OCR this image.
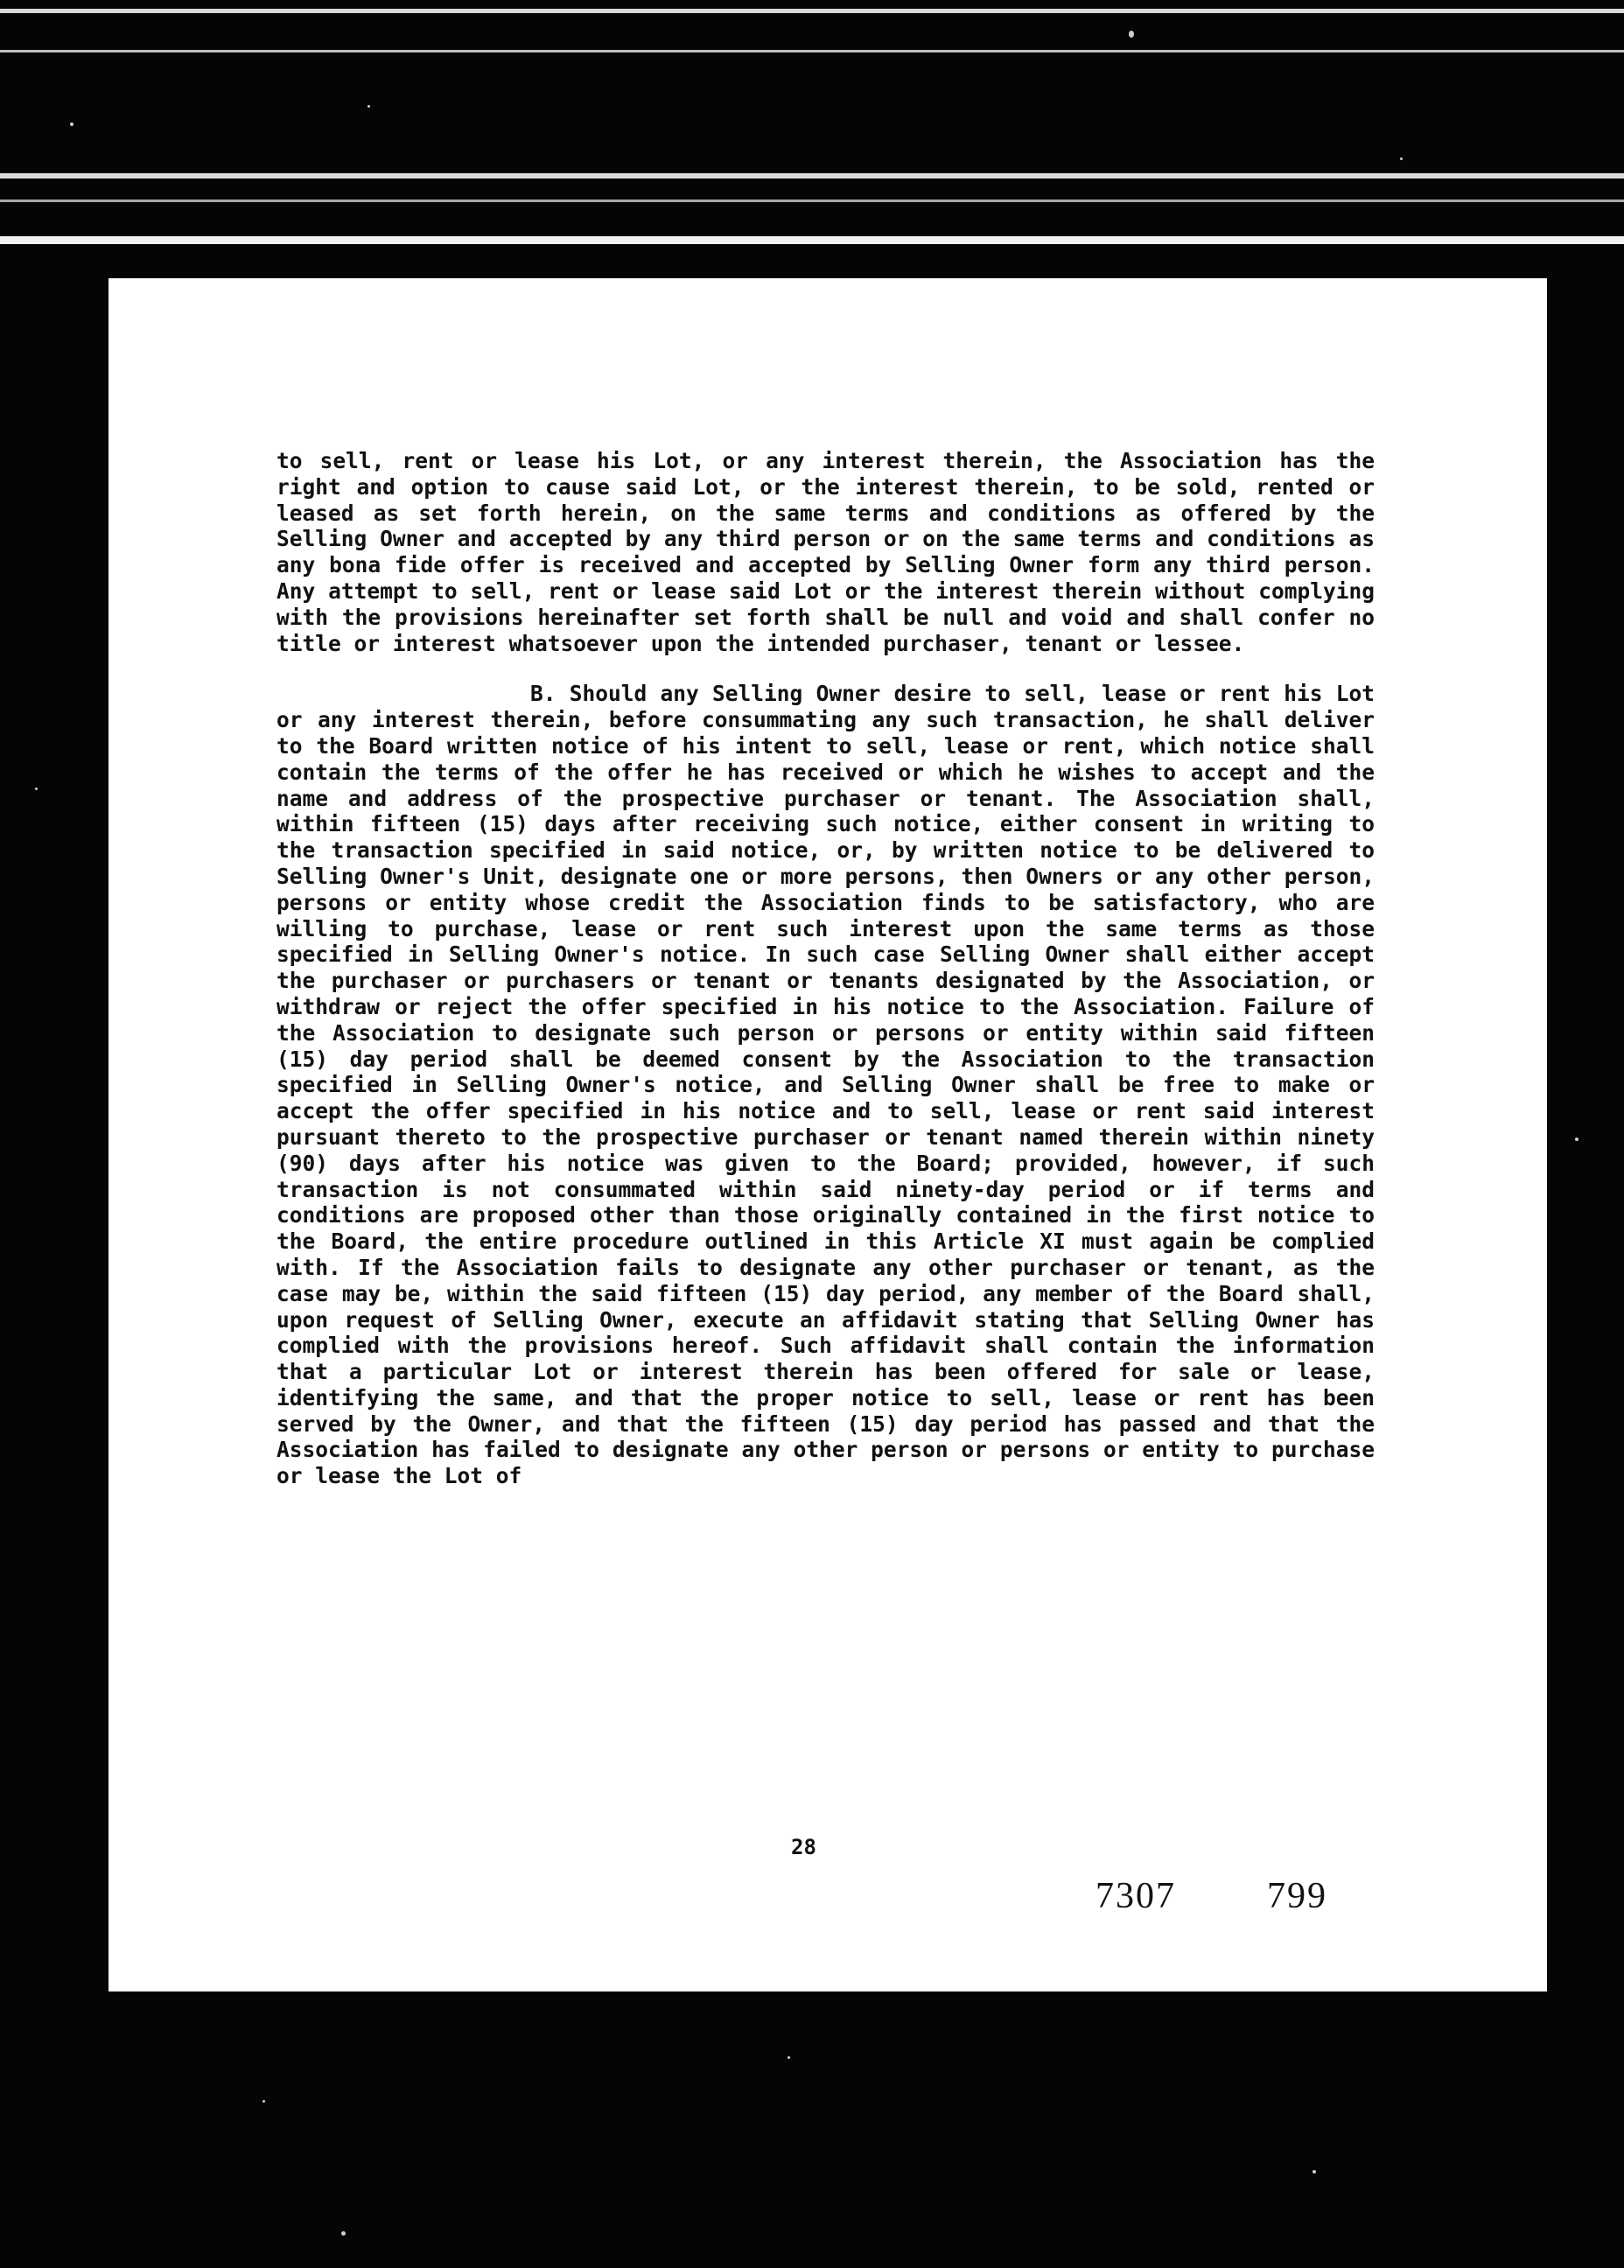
to sell, rent or lease his Lot, or any interest therein, the Association has the right and option to cause said Lot, or the interest therein, to be sold, rented or leased as set forth herein, on the same terms and conditions as offered by the Selling Owner and accepted by any third person or on the same terms and conditions as any bona fide offer is received and accepted by Selling Owner form any third person. Any attempt to sell, rent or lease said Lot or the interest therein without complying with the provisions hereinafter set forth shall be null and void and shall confer no title or interest whatsoever upon the intended purchaser, tenant or lessee.

B. Should any Selling Owner desire to sell, lease or rent his Lot or any interest therein, before consummating any such transaction, he shall deliver to the Board written notice of his intent to sell, lease or rent, which notice shall contain the terms of the offer he has received or which he wishes to accept and the name and address of the prospective purchaser or tenant. The Association shall, within fifteen (15) days after receiving such notice, either consent in writing to the transaction specified in said notice, or, by written notice to be delivered to Selling Owner's Unit, designate one or more persons, then Owners or any other person, persons or entity whose credit the Association finds to be satisfactory, who are willing to purchase, lease or rent such interest upon the same terms as those specified in Selling Owner's notice. In such case Selling Owner shall either accept the purchaser or purchasers or tenant or tenants designated by the Association, or withdraw or reject the offer specified in his notice to the Association. Failure of the Association to designate such person or persons or entity within said fifteen (15) day period shall be deemed consent by the Association to the transaction specified in Selling Owner's notice, and Selling Owner shall be free to make or accept the offer specified in his notice and to sell, lease or rent said interest pursuant thereto to the prospective purchaser or tenant named therein within ninety (90) days after his notice was given to the Board; provided, however, if such transaction is not consummated within said ninety-day period or if terms and conditions are proposed other than those originally contained in the first notice to the Board, the entire procedure outlined in this Article XI must again be complied with. If the Association fails to designate any other purchaser or tenant, as the case may be, within the said fifteen (15) day period, any member of the Board shall, upon request of Selling Owner, execute an affidavit stating that Selling Owner has complied with the provisions hereof. Such affidavit shall contain the information that a particular Lot or interest therein has been offered for sale or lease, identifying the same, and that the proper notice to sell, lease or rent has been served by the Owner, and that the fifteen (15) day period has passed and that the Association has failed to designate any other person or persons or entity to purchase or lease the Lot of

28
7307 799
